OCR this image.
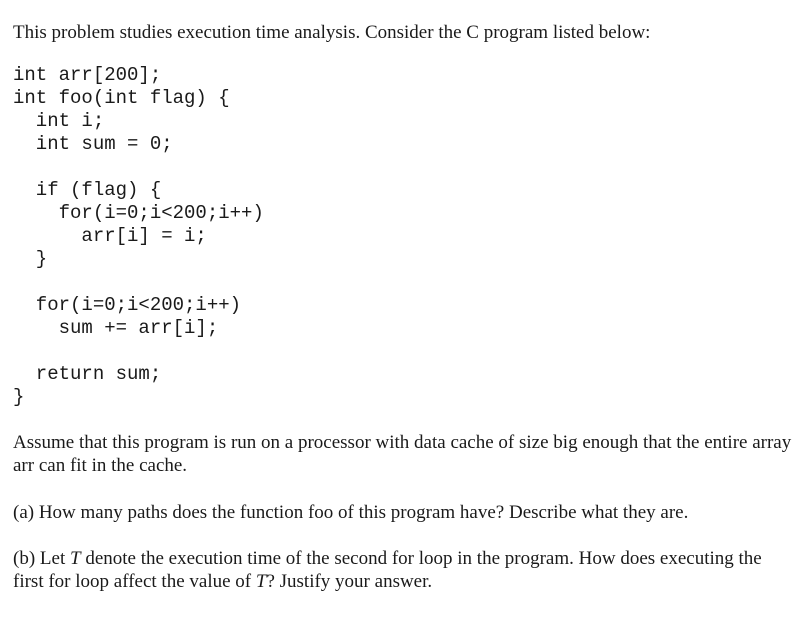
This problem studies execution time analysis. Consider the C program listed below:

int arr[200];
int foo(int flag) {
int i;
int sum = 0;
if (flag) {
for(i=0;i<200;i++)
arr[i] = i;
}
for(i=0;i<200;i++)
sum += arr[i];
return sum;
}

Assume that this program is run on a processor with data cache of size big enough that the entire array arr can fit in the cache.

(a) How many paths does the function foo of this program have? Describe what they are.

(b) Let T denote the execution time of the second for loop in the program. How does executing the first for loop affect the value of T? Justify your answer.
